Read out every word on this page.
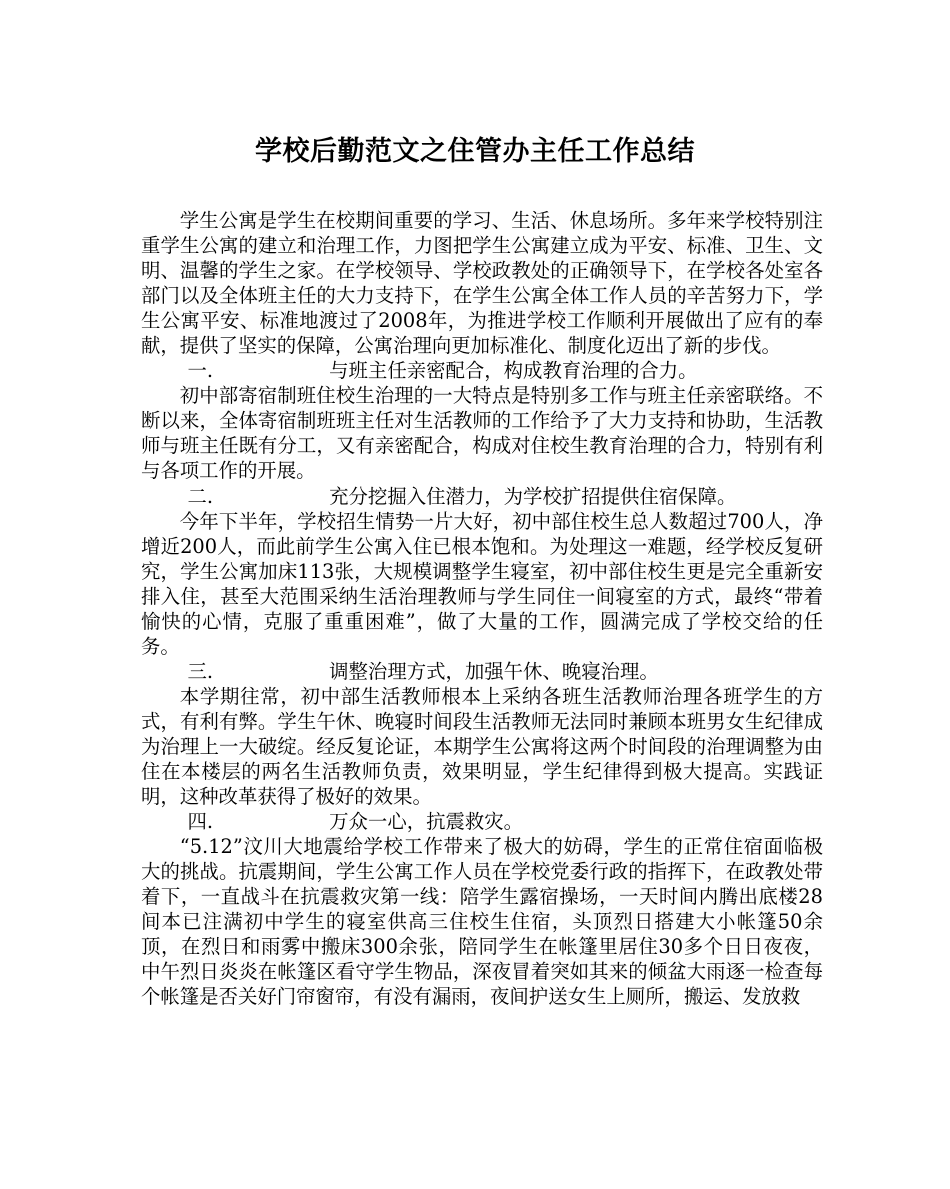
学校后勤范文之住管办主任工作总结

学生公寓是学生在校期间重要的学习、生活、休息场所。多年来学校特别注重学生公寓的建立和治理工作，力图把学生公寓建立成为平安、标准、卫生、文明、温馨的学生之家。在学校领导、学校政教处的正确领导下，在学校各处室各部门以及全体班主任的大力支持下，在学生公寓全体工作人员的辛苦努力下，学生公寓平安、标准地渡过了2008年，为推进学校工作顺利开展做出了应有的奉献，提供了坚实的保障，公寓治理向更加标准化、制度化迈出了新的步伐。

一.	与班主任亲密配合，构成教育治理的合力。

初中部寄宿制班住校生治理的一大特点是特别多工作与班主任亲密联络。不断以来，全体寄宿制班班主任对生活教师的工作给予了大力支持和协助，生活教师与班主任既有分工，又有亲密配合，构成对住校生教育治理的合力，特别有利与各项工作的开展。

二.	充分挖掘入住潜力，为学校扩招提供住宿保障。

今年下半年，学校招生情势一片大好，初中部住校生总人数超过700人，净增近200人，而此前学生公寓入住已根本饱和。为处理这一难题，经学校反复研究，学生公寓加床113张，大规模调整学生寝室，初中部住校生更是完全重新安排入住，甚至大范围采纳生活治理教师与学生同住一间寝室的方式，最终“带着愉快的心情，克服了重重困难”，做了大量的工作，圆满完成了学校交给的任务。

三.	调整治理方式，加强午休、晚寝治理。

本学期往常，初中部生活教师根本上采纳各班生活教师治理各班学生的方式，有利有弊。学生午休、晚寝时间段生活教师无法同时兼顾本班男女生纪律成为治理上一大破绽。经反复论证，本期学生公寓将这两个时间段的治理调整为由住在本楼层的两名生活教师负责，效果明显，学生纪律得到极大提高。实践证明，这种改革获得了极好的效果。

四.	万众一心，抗震救灾。

“5.12”汶川大地震给学校工作带来了极大的妨碍，学生的正常住宿面临极大的挑战。抗震期间，学生公寓工作人员在学校党委行政的指挥下，在政教处带着下，一直战斗在抗震救灾第一线：陪学生露宿操场，一天时间内腾出底楼28间本已注满初中学生的寝室供高三住校生住宿，头顶烈日搭建大小帐篷50余顶，在烈日和雨雾中搬床300余张，陪同学生在帐篷里居住30多个日日夜夜，中午烈日炎炎在帐篷区看守学生物品，深夜冒着突如其来的倾盆大雨逐一检查每个帐篷是否关好门帘窗帘，有没有漏雨，夜间护送女生上厕所，搬运、发放救
